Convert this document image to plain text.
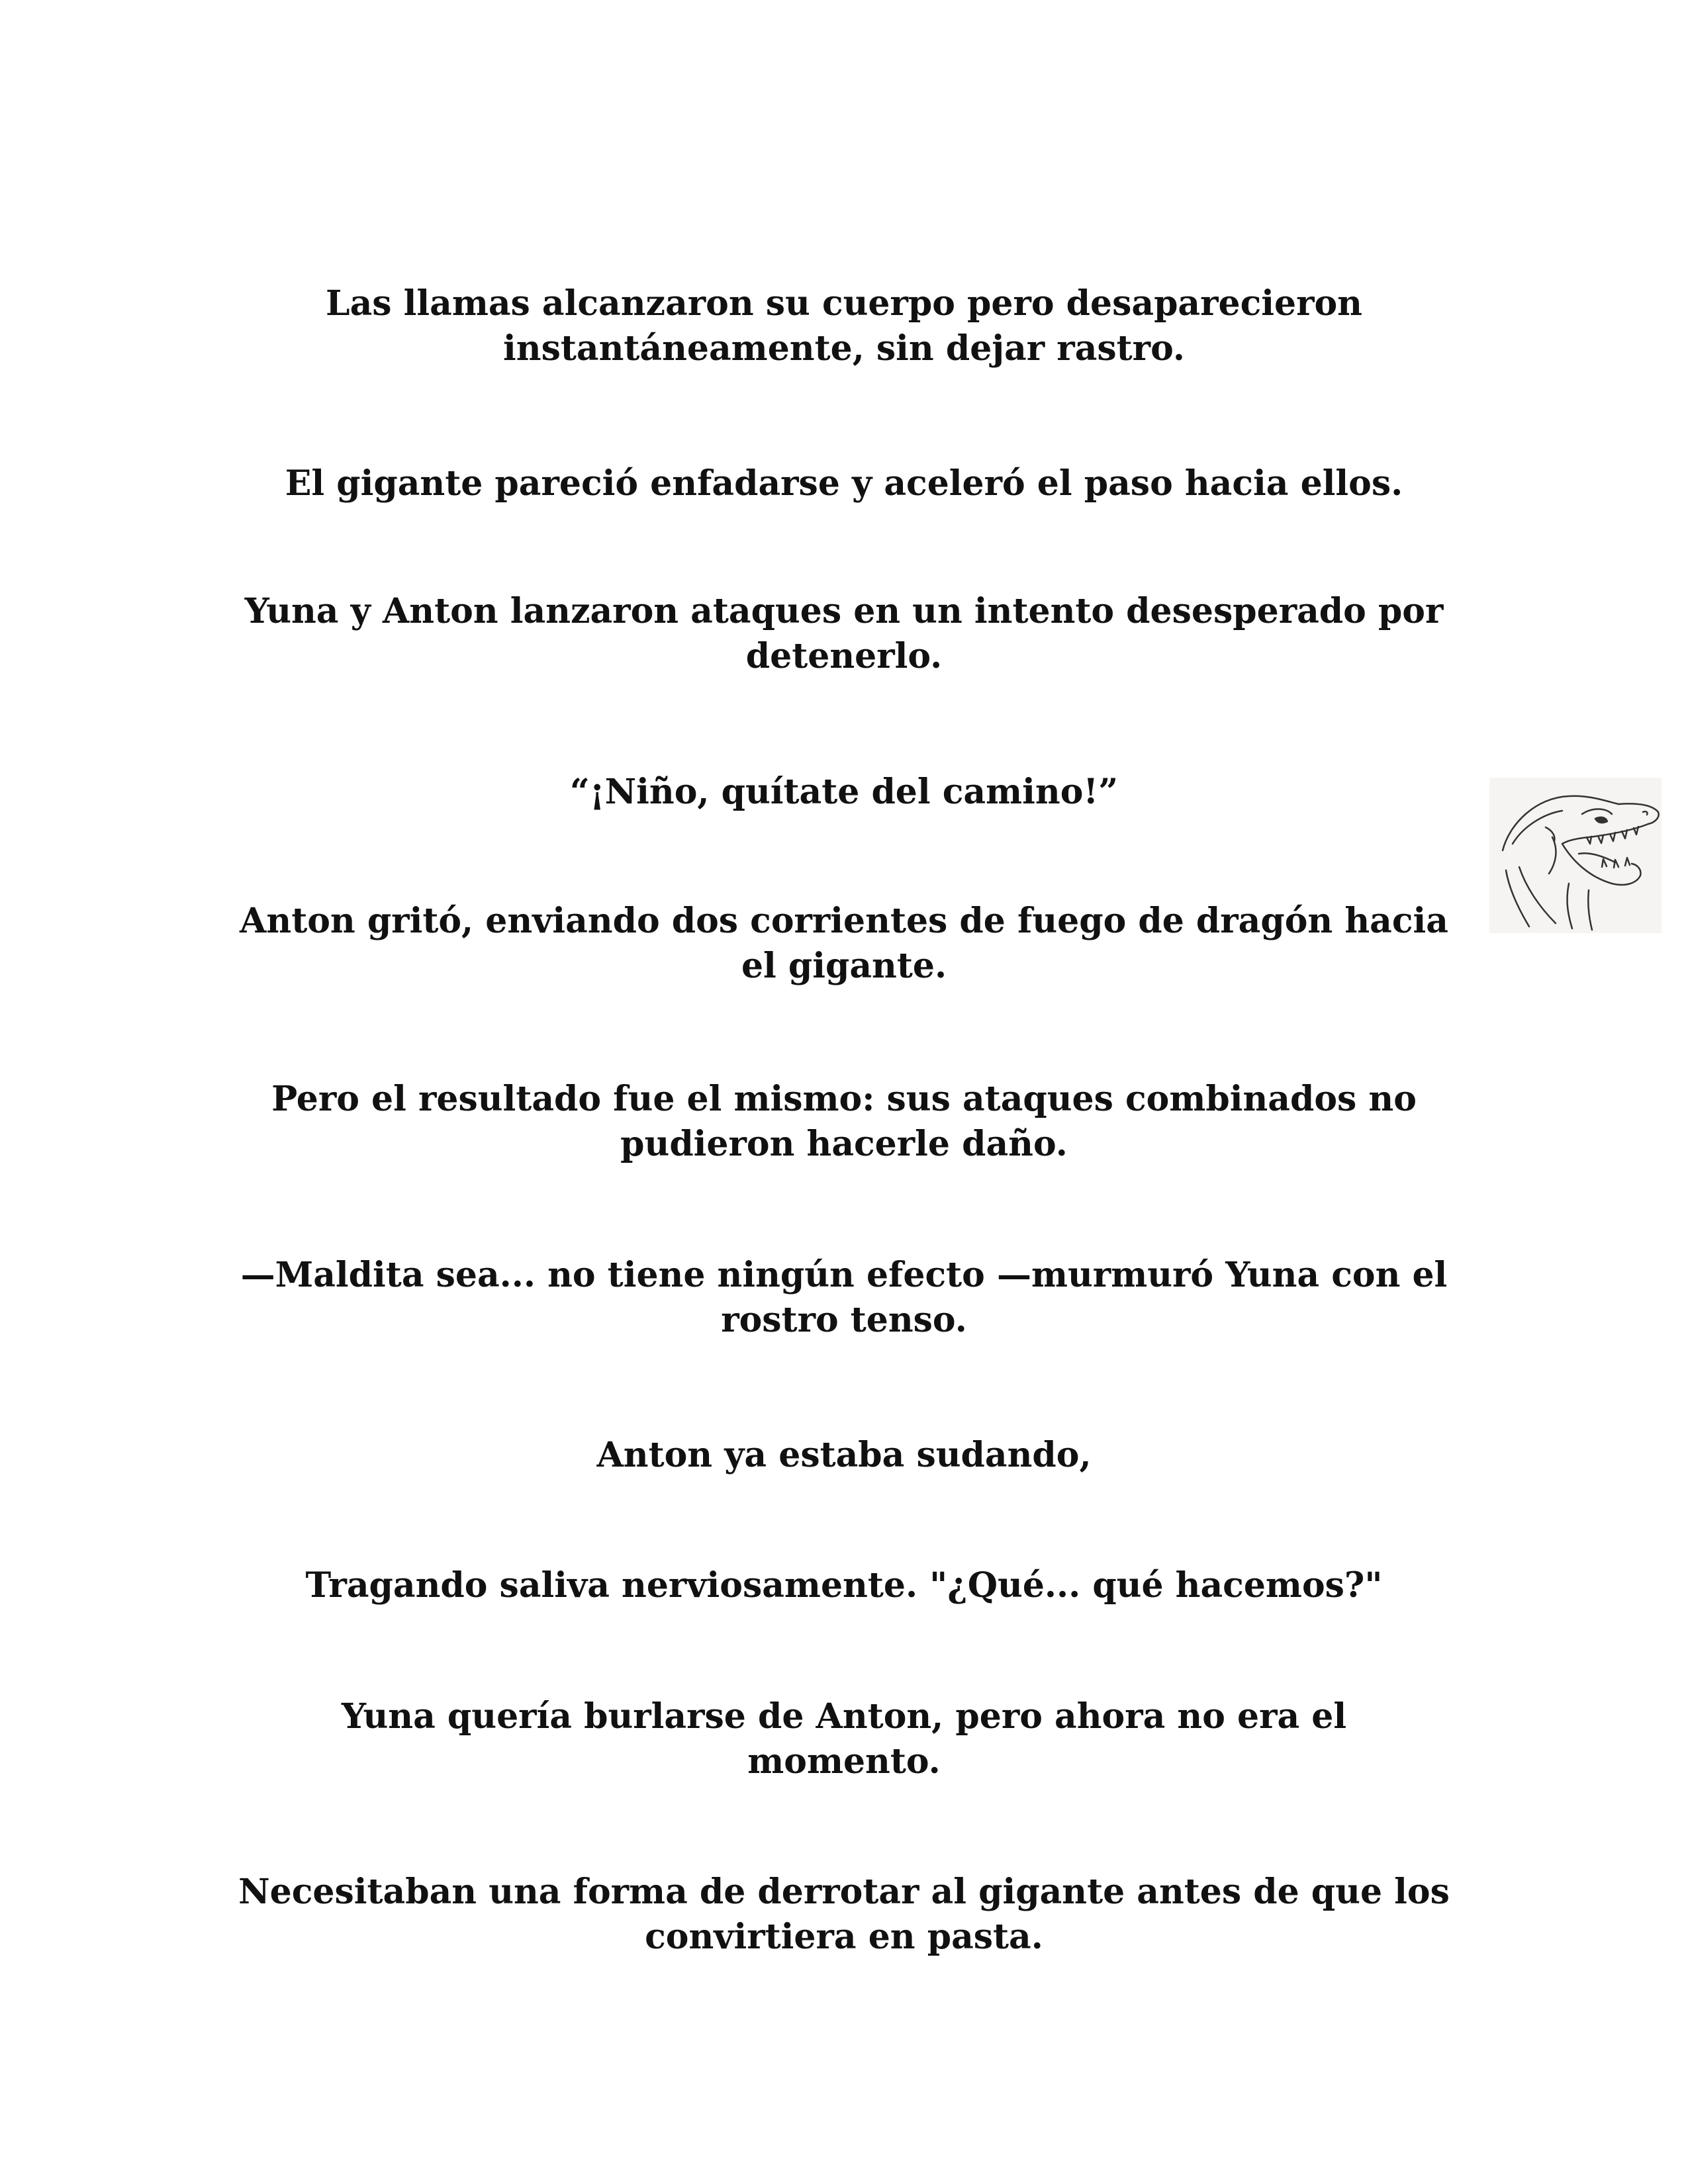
Las llamas alcanzaron su cuerpo pero desaparecieron
instantáneamente, sin dejar rastro.

El gigante pareció enfadarse y aceleró el paso hacia ellos.

Yuna y Anton lanzaron ataques en un intento desesperado por
detenerlo.

“¡Niño, quítate del camino!”

Anton gritó, enviando dos corrientes de fuego de dragón hacia
el gigante.

Pero el resultado fue el mismo: sus ataques combinados no
pudieron hacerle daño.

—Maldita sea... no tiene ningún efecto —murmuró Yuna con el
rostro tenso.

Anton ya estaba sudando,

Tragando saliva nerviosamente. "¿Qué... qué hacemos?"

Yuna quería burlarse de Anton, pero ahora no era el
momento.

Necesitaban una forma de derrotar al gigante antes de que los
convirtiera en pasta.
